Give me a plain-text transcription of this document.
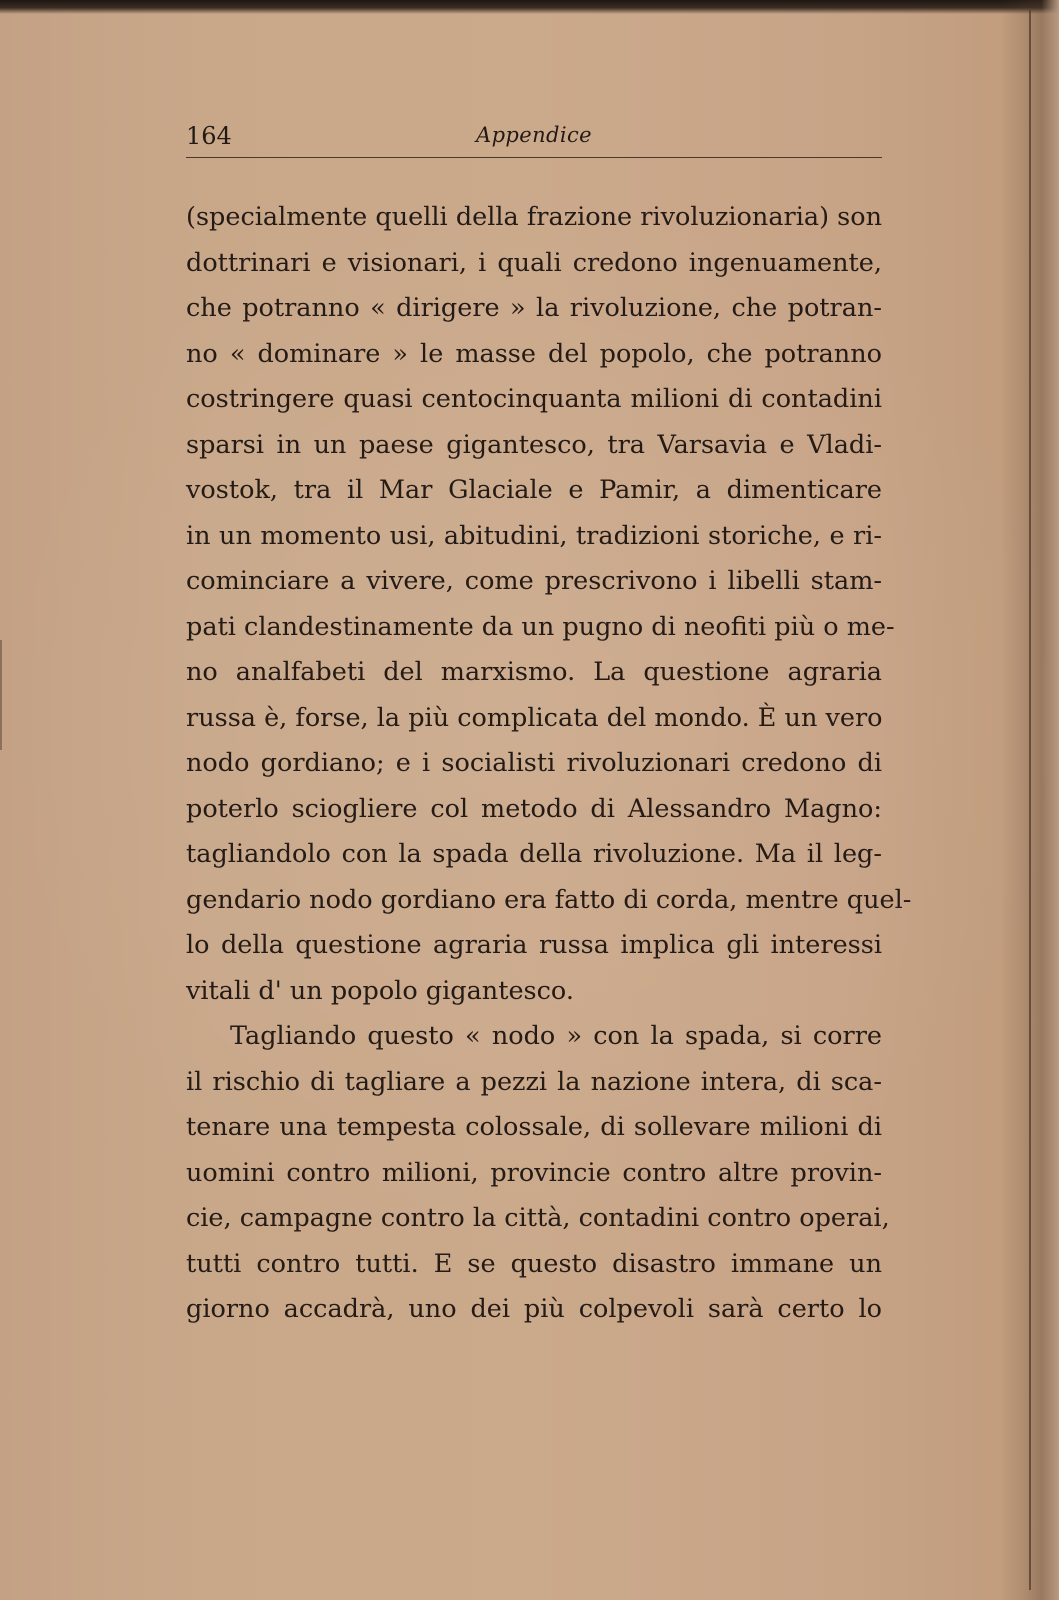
164	Appendice
(specialmente quelli della frazione rivoluzionaria) son
dottrinari e visionari, i quali credono ingenuamente,
che potranno « dirigere » la rivoluzione, che potran-
no « dominare » le masse del popolo, che potranno
costringere quasi centocinquanta milioni di contadini
sparsi in un paese gigantesco, tra Varsavia e Vladi-
vostok, tra il Mar Glaciale e Pamir, a dimenticare
in un momento usi, abitudini, tradizioni storiche, e ri-
cominciare a vivere, come prescrivono i libelli stam-
pati clandestinamente da un pugno di neofiti più o me-
no analfabeti del marxismo. La questione agraria
russa è, forse, la più complicata del mondo. È un vero
nodo gordiano; e i socialisti rivoluzionari credono di
poterlo sciogliere col metodo di Alessandro Magno:
tagliandolo con la spada della rivoluzione. Ma il leg-
gendario nodo gordiano era fatto di corda, mentre quel-
lo della questione agraria russa implica gli interessi
vitali d' un popolo gigantesco.
Tagliando questo « nodo » con la spada, si corre
il rischio di tagliare a pezzi la nazione intera, di sca-
tenare una tempesta colossale, di sollevare milioni di
uomini contro milioni, provincie contro altre provin-
cie, campagne contro la città, contadini contro operai,
tutti contro tutti. E se questo disastro immane un
giorno accadrà, uno dei più colpevoli sarà certo lo
